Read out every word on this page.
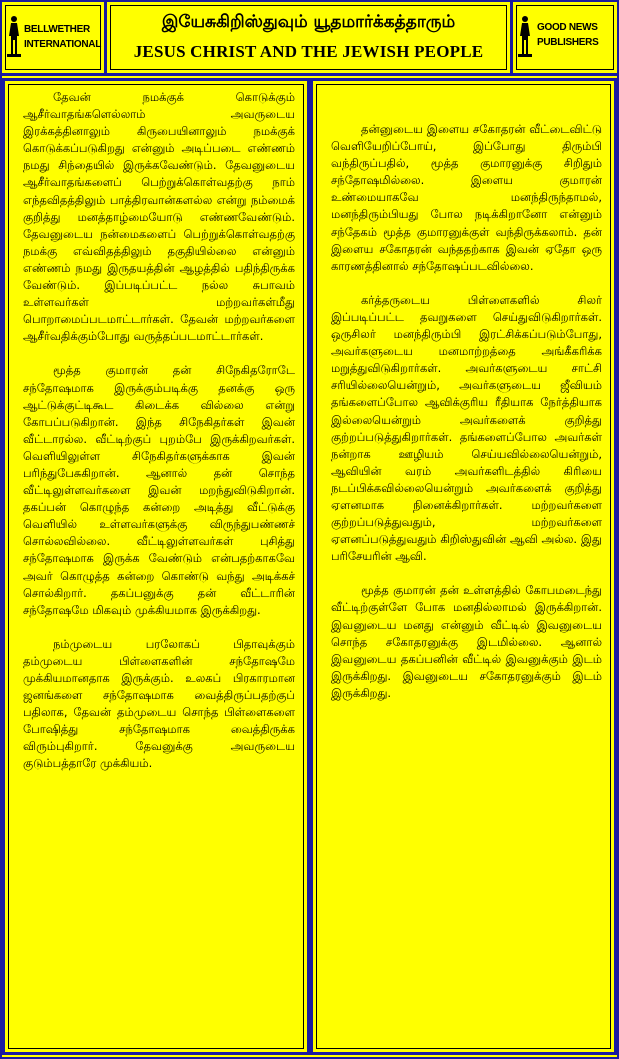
BELLWETHER INTERNATIONAL
இயேசுகிறிஸ்துவும் யூதமார்க்கத்தாரும்
JESUS CHRIST AND THE JEWISH PEOPLE
GOOD NEWS PUBLISHERS

தேவன் நமக்குக் கொடுக்கும் ஆசீர்வாதங்களெல்லாம் அவருடைய இரக்கத்தினாலும் கிருபையினாலும் நமக்குக் கொடுக்கப்படுகிறது என்னும் அடிப்படை எண்ணம் நமது சிந்தையில் இருக்கவேண்டும். தேவனுடைய ஆசீர்வாதங்களைப் பெற்றுக்கொள்வதற்கு நாம் எந்தவிதத்திலும் பாத்திரவான்களல்ல என்று நம்மைக் குறித்து மனத்தாழ்மையோடு எண்ணவேண்டும். தேவனுடைய நன்மைகளைப் பெற்றுக்கொள்வதற்கு நமக்கு எவ்விதத்திலும் தகுதியில்லை என்னும் எண்ணம் நமது இருதயத்தின் ஆழத்தில் பதிந்திருக்க வேண்டும். இப்படிப்பட்ட நல்ல சுபாவம் உள்ளவர்கள் மற்றவர்கள்மீது பொறாமைப்படமாட்டார்கள். தேவன் மற்றவர்களை ஆசீர்வதிக்கும்போது வருத்தப்படமாட்டார்கள்.

மூத்த குமாரன் தன் சிநேகிதரோடே சந்தோஷமாக இருக்கும்படிக்கு தனக்கு ஒரு ஆட்டுக்குட்டிகூட கிடைக்க வில்லை என்று கோபப்படுகிறான். இந்த சிநேகிதர்கள் இவன் வீட்டாரல்ல. வீட்டிற்குப் புறம்பே இருக்கிறவர்கள். வெளியிலுள்ள சிநேகிதர்களுக்காக இவன் பரிந்துபேசுகிறான். ஆனால் தன் சொந்த வீட்டிலுள்ளவர்களை இவன் மறந்துவிடுகிறான். தகப்பன் கொழுந்த கன்றை அடித்து வீட்டுக்கு வெளியில் உள்ளவர்களுக்கு விருந்துபண்ணச் சொல்லவில்லை. வீட்டிலுள்ளவர்கள் புசித்து சந்தோஷமாக இருக்க வேண்டும் என்பதற்காகவே அவர் கொழுத்த கன்றை கொண்டு வந்து அடிக்கச் சொல்கிறார். தகப்பனுக்கு தன் வீட்டாரின் சந்தோஷமே மிகவும் முக்கியமாக இருக்கிறது.

நம்முடைய பரலோகப் பிதாவுக்கும் தம்முடைய பிள்ளைகளின் சந்தோஷமே முக்கியமானதாக இருக்கும். உலகப் பிரகாரமான ஜனங்களை சந்தோஷமாக வைத்திருப்பதற்குப் பதிலாக, தேவன் தம்முடைய சொந்த பிள்ளைகளை போஷித்து சந்தோஷமாக வைத்திருக்க விரும்புகிறார். தேவனுக்கு அவருடைய குடும்பத்தாரே முக்கியம்.

தன்னுடைய இளைய சகோதரன் வீட்டைவிட்டு வெளியேறிப்போய், இப்போது திரும்பி வந்திருப்பதில், மூத்த குமாரனுக்கு சிறிதும் சந்தோஷமில்லை. இளைய குமாரன் உண்மையாகவே மனந்திருந்தாமல், மனந்திரும்பியது போல நடிக்கிறானோ என்னும் சந்தேகம் மூத்த குமாரனுக்குள் வந்திருக்கலாம். தன் இளைய சகோதரன் வந்ததற்காக இவன் ஏதோ ஒரு காரணத்தினால் சந்தோஷப்படவில்லை.

கர்த்தருடைய பிள்ளைகளில் சிலர் இப்படிப்பட்ட தவறுகளை செய்துவிடுகிறார்கள். ஒருசிலர் மனந்திரும்பி இரட்சிக்கப்படும்போது, அவர்களுடைய மனமாற்றத்தை அங்கீகரிக்க மறுத்துவிடுகிறார்கள். அவர்களுடைய சாட்சி சரியில்லையென்றும், அவர்களுடைய ஜீவியம் தங்களைப்போல ஆவிக்குரிய ரீதியாக நேர்த்தியாக இல்லையென்றும் அவர்களைக் குறித்து குற்றப்படுத்துகிறார்கள். தங்களைப்போல அவர்கள் நன்றாக ஊழியம் செய்யவில்லையென்றும், ஆவியின் வரம் அவர்களிடத்தில் கிரியை நடப்பிக்கவில்லையென்றும் அவர்களைக் குறித்து ஏளனமாக நினைக்கிறார்கள். மற்றவர்களை குற்றப்படுத்துவதும், மற்றவர்களை ஏளனப்படுத்துவதும் கிறிஸ்துவின் ஆவி அல்ல. இது பரிசேயரின் ஆவி.

மூத்த குமாரன் தன் உள்ளத்தில் கோபமடைந்து வீட்டிற்குள்ளே போக மனதில்லாமல் இருக்கிறான். இவனுடைய மனது என்னும் வீட்டில் இவனுடைய சொந்த சகோதரனுக்கு இடமில்லை. ஆனால் இவனுடைய தகப்பனின் வீட்டில் இவனுக்கும் இடம் இருக்கிறது. இவனுடைய சகோதரனுக்கும் இடம் இருக்கிறது.
